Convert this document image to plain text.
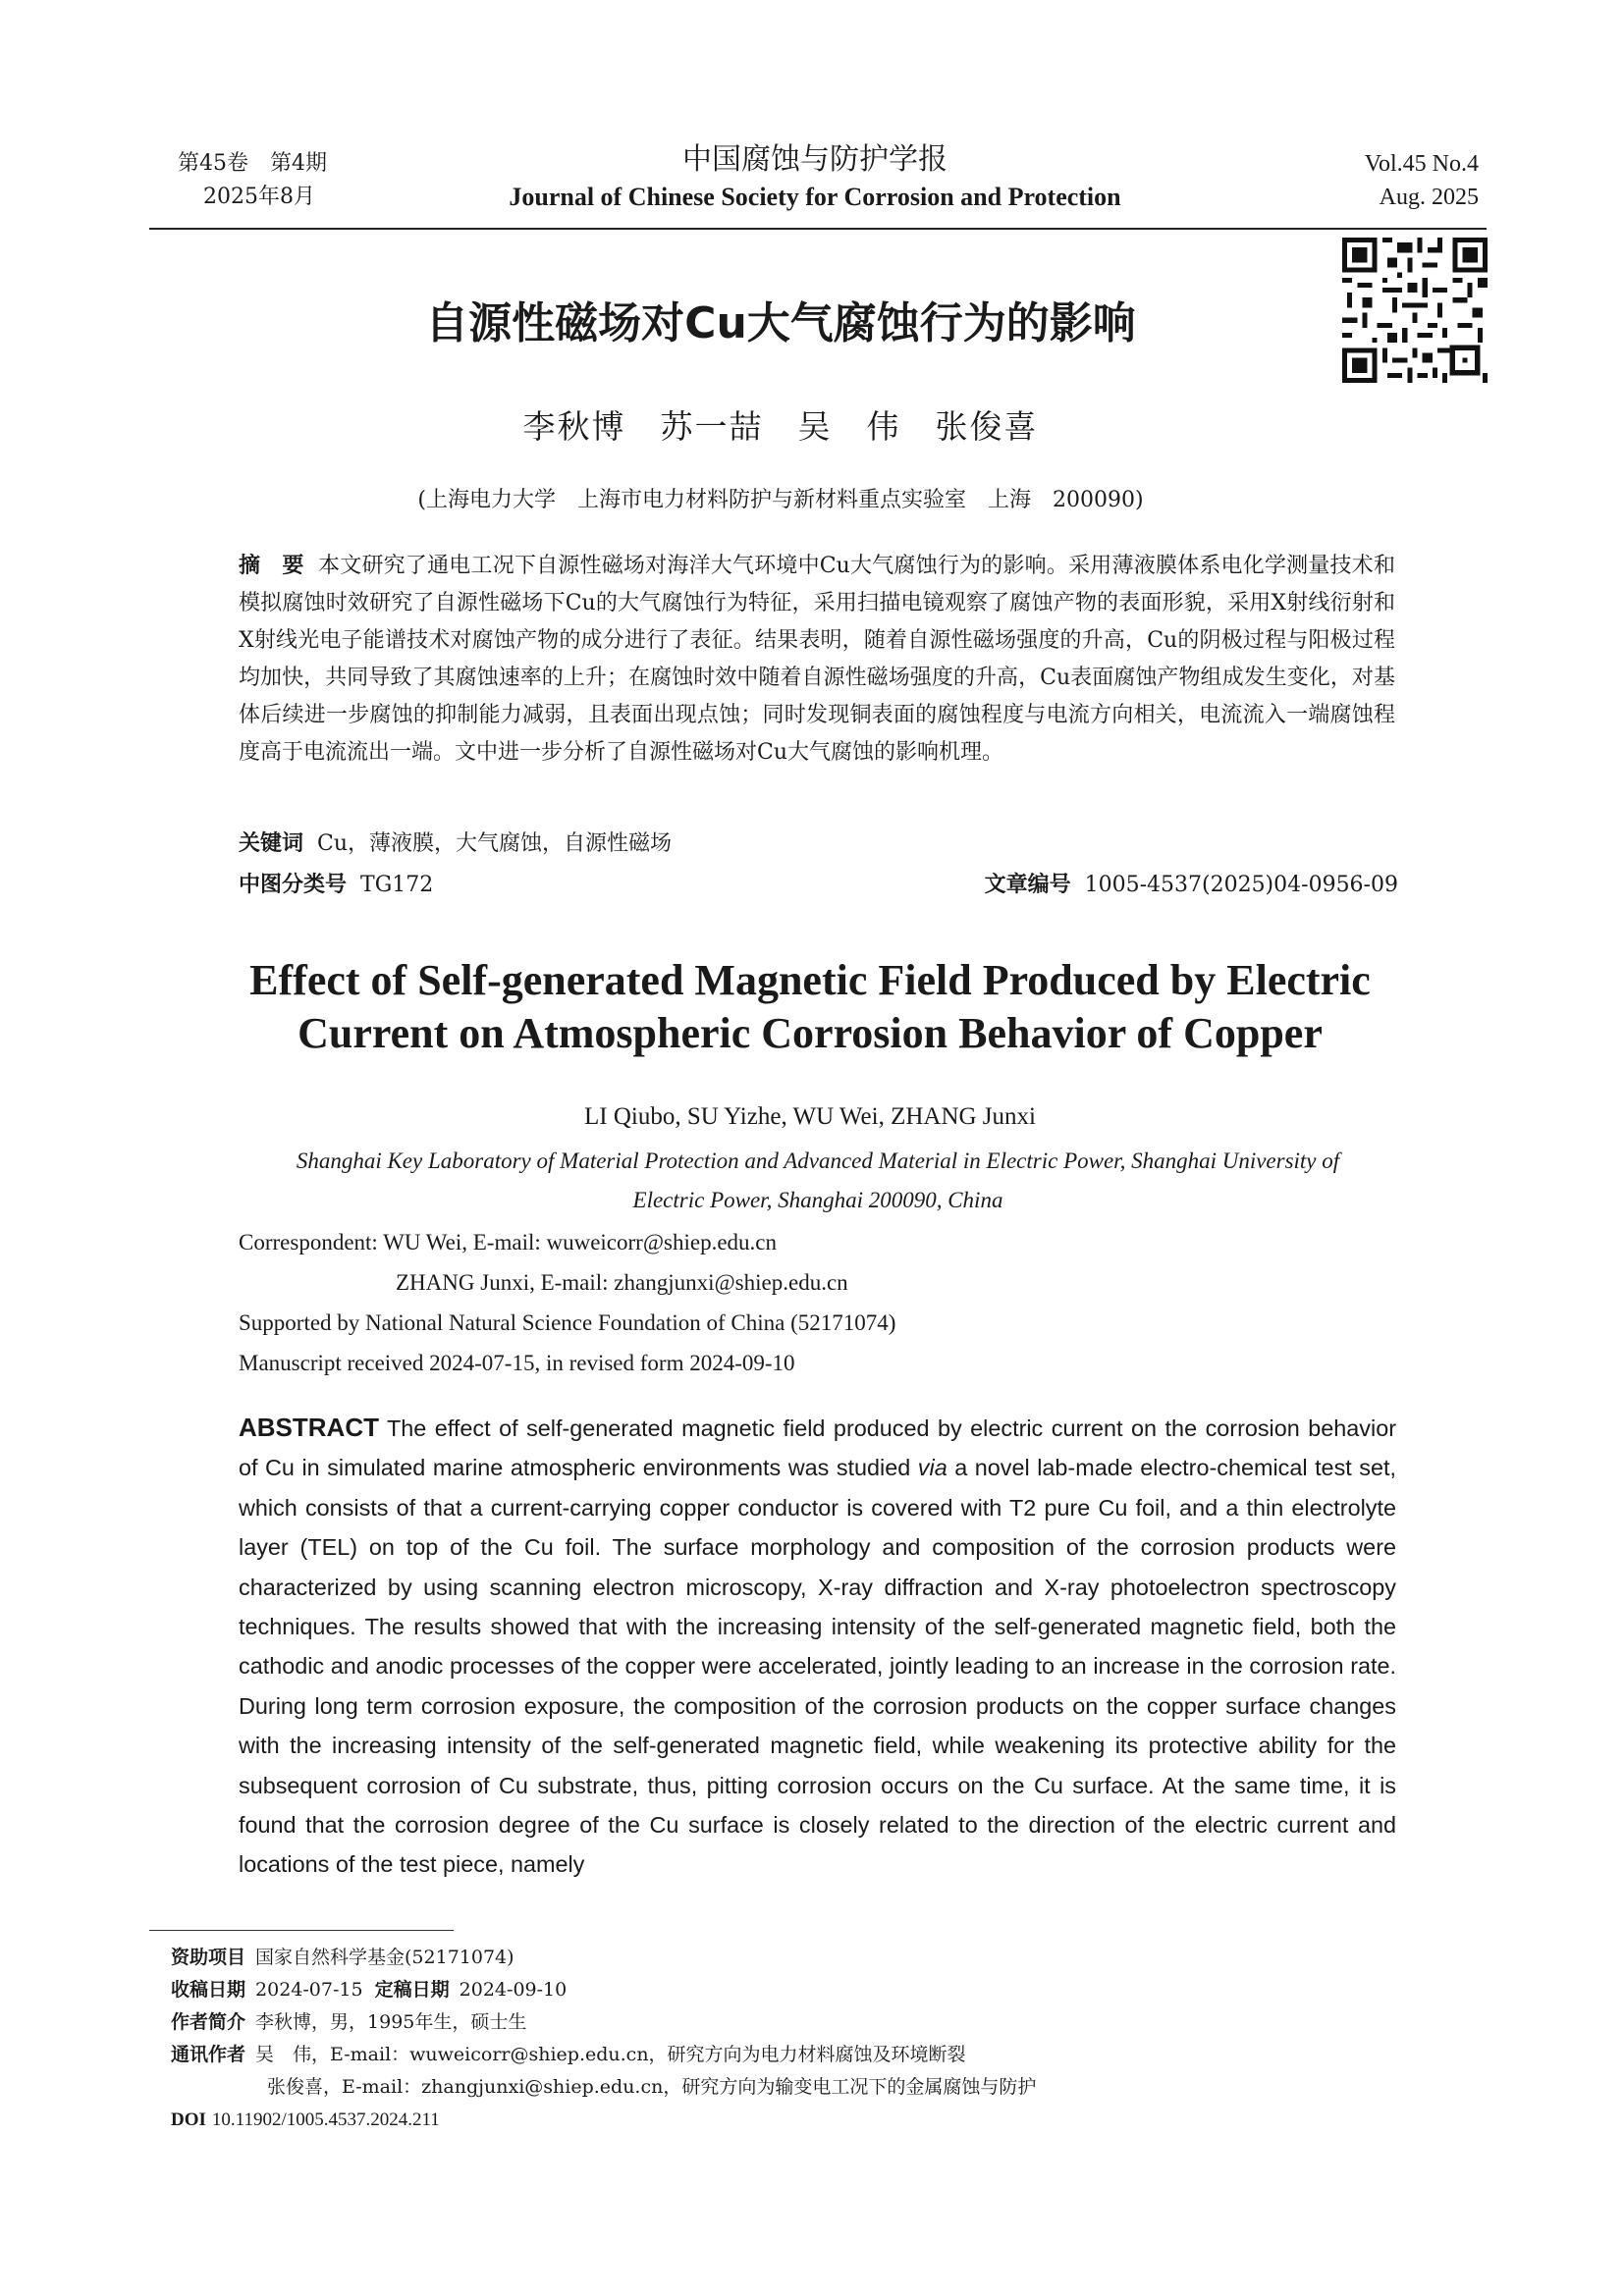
第45卷　第4期
2025年8月
中国腐蚀与防护学报
Journal of Chinese Society for Corrosion and Protection
Vol.45 No.4
Aug. 2025
自源性磁场对Cu大气腐蚀行为的影响
李秋博　苏一喆　吴　伟　张俊喜
(上海电力大学　上海市电力材料防护与新材料重点实验室　上海　200090)
摘　要 本文研究了通电工况下自源性磁场对海洋大气环境中Cu大气腐蚀行为的影响。采用薄液膜体系电化学测量技术和模拟腐蚀时效研究了自源性磁场下Cu的大气腐蚀行为特征，采用扫描电镜观察了腐蚀产物的表面形貌，采用X射线衍射和X射线光电子能谱技术对腐蚀产物的成分进行了表征。结果表明，随着自源性磁场强度的升高，Cu的阴极过程与阳极过程均加快，共同导致了其腐蚀速率的上升；在腐蚀时效中随着自源性磁场强度的升高，Cu表面腐蚀产物组成发生变化，对基体后续进一步腐蚀的抑制能力减弱，且表面出现点蚀；同时发现铜表面的腐蚀程度与电流方向相关，电流流入一端腐蚀程度高于电流流出一端。文中进一步分析了自源性磁场对Cu大气腐蚀的影响机理。
关键词 Cu，薄液膜，大气腐蚀，自源性磁场
中图分类号 TG172	文章编号 1005-4537(2025)04-0956-09
Effect of Self-generated Magnetic Field Produced by Electric
Current on Atmospheric Corrosion Behavior of Copper
LI Qiubo, SU Yizhe, WU Wei, ZHANG Junxi
Shanghai Key Laboratory of Material Protection and Advanced Material in Electric Power, Shanghai University of
Electric Power, Shanghai 200090, China
Correspondent: WU Wei, E-mail: wuweicorr@shiep.edu.cn
ZHANG Junxi, E-mail: zhangjunxi@shiep.edu.cn
Supported by National Natural Science Foundation of China (52171074)
Manuscript received 2024-07-15, in revised form 2024-09-10
ABSTRACT The effect of self-generated magnetic field produced by electric current on the corrosion behavior of Cu in simulated marine atmospheric environments was studied via a novel lab-made electro-chemical test set, which consists of that a current-carrying copper conductor is covered with T2 pure Cu foil, and a thin electrolyte layer (TEL) on top of the Cu foil. The surface morphology and composition of the corrosion products were characterized by using scanning electron microscopy, X-ray diffraction and X-ray photoelectron spectroscopy techniques. The results showed that with the increasing intensity of the self-generated magnetic field, both the cathodic and anodic processes of the copper were accelerated, jointly leading to an increase in the corrosion rate. During long term corrosion exposure, the composition of the corrosion products on the copper surface changes with the increasing intensity of the self-generated magnetic field, while weakening its protective ability for the subsequent corrosion of Cu substrate, thus, pitting corrosion occurs on the Cu surface. At the same time, it is found that the corrosion degree of the Cu surface is closely related to the direction of the electric current and locations of the test piece, namely
资助项目 国家自然科学基金(52171074)
收稿日期 2024-07-15 定稿日期 2024-09-10
作者简介 李秋博，男，1995年生，硕士生
通讯作者 吴　伟，E-mail：wuweicorr@shiep.edu.cn，研究方向为电力材料腐蚀及环境断裂
张俊喜，E-mail：zhangjunxi@shiep.edu.cn，研究方向为输变电工况下的金属腐蚀与防护
DOI 10.11902/1005.4537.2024.211
